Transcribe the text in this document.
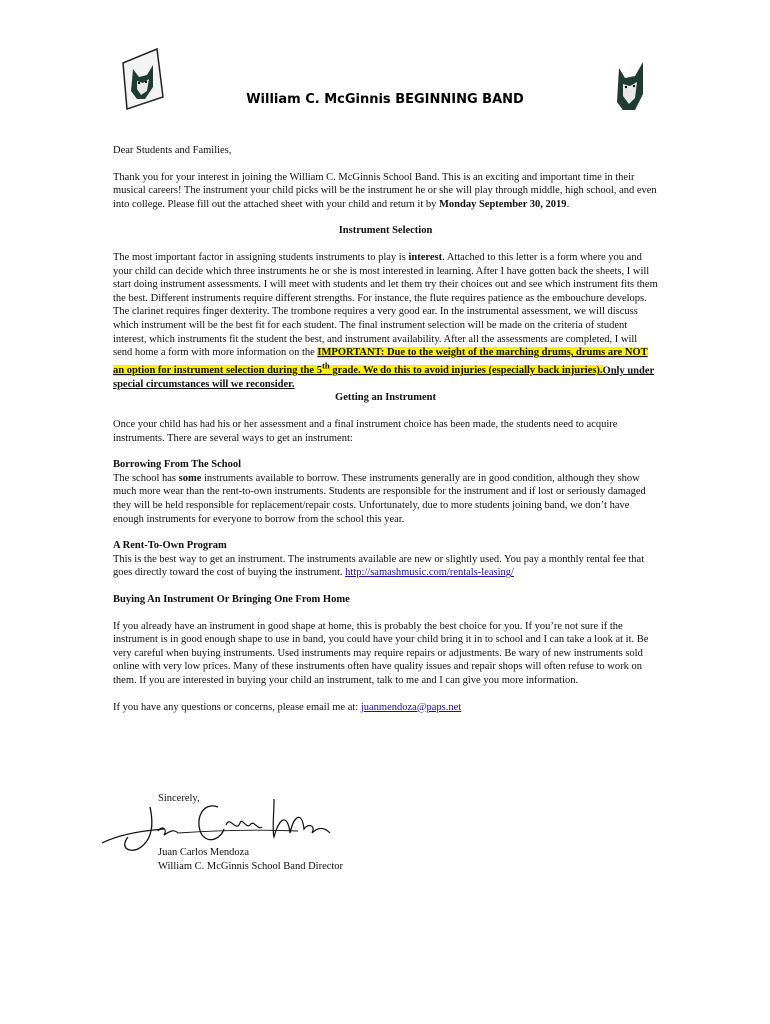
William C. McGinnis BEGINNING BAND

Dear Students and Families,

Thank you for your interest in joining the William C. McGinnis School Band. This is an exciting and important time in their musical careers! The instrument your child picks will be the instrument he or she will play through middle, high school, and even into college. Please fill out the attached sheet with your child and return it by Monday September 30, 2019.

Instrument Selection

The most important factor in assigning students instruments to play is interest. Attached to this letter is a form where you and your child can decide which three instruments he or she is most interested in learning. After I have gotten back the sheets, I will start doing instrument assessments. I will meet with students and let them try their choices out and see which instrument fits them the best. Different instruments require different strengths. For instance, the flute requires patience as the embouchure develops. The clarinet requires finger dexterity. The trombone requires a very good ear. In the instrumental assessment, we will discuss which instrument will be the best fit for each student. The final instrument selection will be made on the criteria of student interest, which instruments fit the student the best, and instrument availability. After all the assessments are completed, I will send home a form with more information on the IMPORTANT: Due to the weight of the marching drums, drums are NOT an option for instrument selection during the 5th grade. We do this to avoid injuries (especially back injuries).Only under special circumstances will we reconsider.

Getting an Instrument

Once your child has had his or her assessment and a final instrument choice has been made, the students need to acquire instruments. There are several ways to get an instrument:

Borrowing From The School

The school has some instruments available to borrow. These instruments generally are in good condition, although they show much more wear than the rent-to-own instruments. Students are responsible for the instrument and if lost or seriously damaged they will be held responsible for replacement/repair costs. Unfortunately, due to more students joining band, we don’t have enough instruments for everyone to borrow from the school this year.

A Rent-To-Own Program

This is the best way to get an instrument. The instruments available are new or slightly used. You pay a monthly rental fee that goes directly toward the cost of buying the instrument. http://samashmusic.com/rentals-leasing/

Buying An Instrument Or Bringing One From Home

If you already have an instrument in good shape at home, this is probably the best choice for you. If you’re not sure if the instrument is in good enough shape to use in band, you could have your child bring it in to school and I can take a look at it. Be very careful when buying instruments. Used instruments may require repairs or adjustments. Be wary of new instruments sold online with very low prices. Many of these instruments often have quality issues and repair shops will often refuse to work on them. If you are interested in buying your child an instrument, talk to me and I can give you more information.

If you have any questions or concerns, please email me at: juanmendoza@paps.net

Sincerely,
Juan Carlos Mendoza
William C. McGinnis School Band Director
